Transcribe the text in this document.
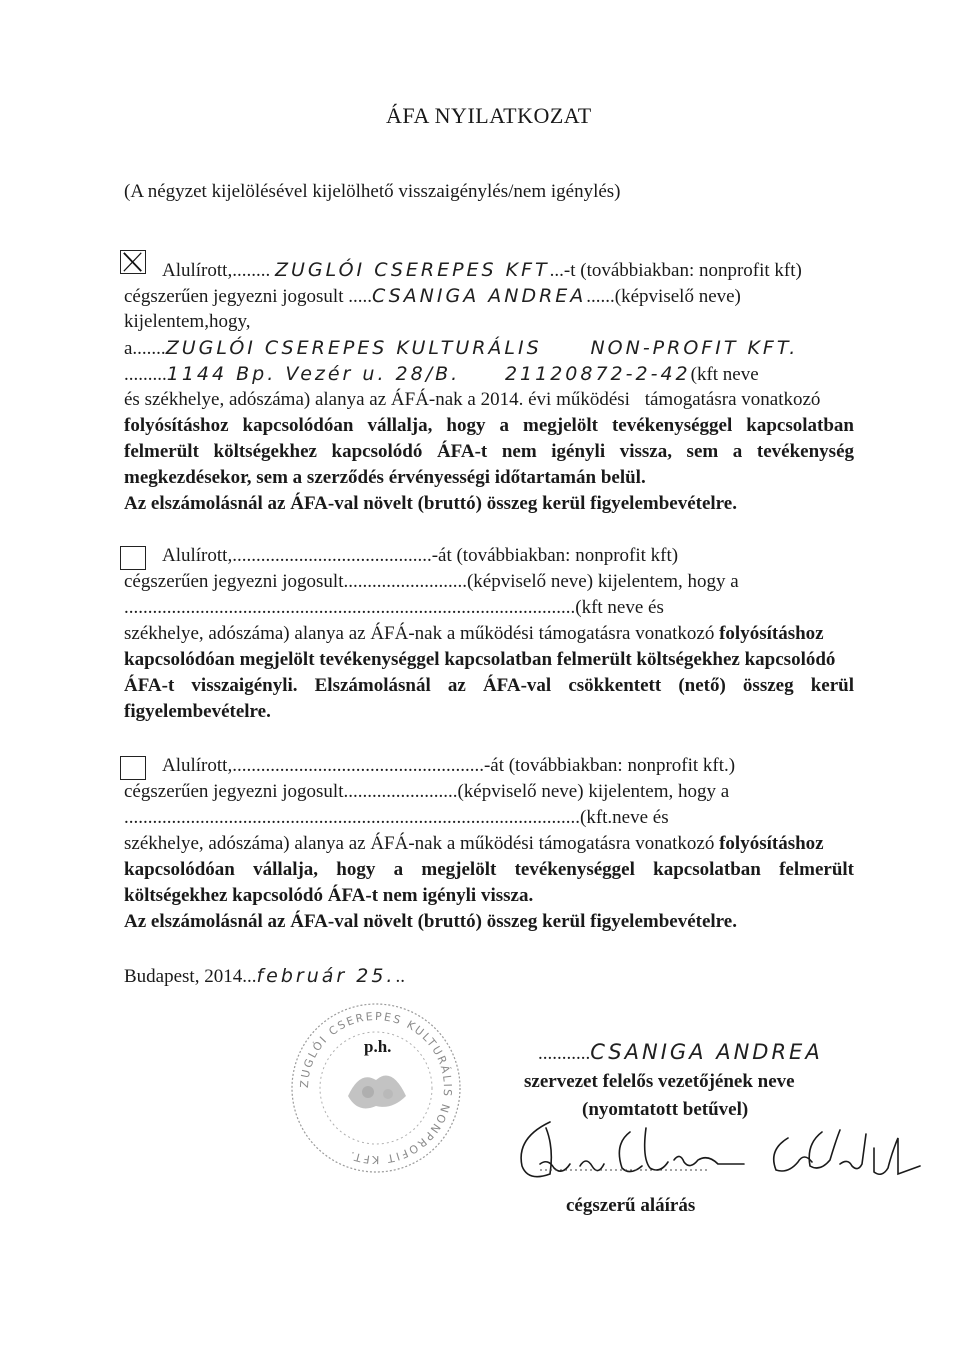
ÁFA NYILATKOZAT
(A négyzet kijelölésével kijelölhető visszaigénylés/nem igénylés)
Alulírott,........ ZUGLÓI CSEREPES KFT...-t (továbbiakban: nonprofit kft)
cégszerűen jegyezni jogosult .....CSANIGA ANDREA......(képviselő neve)
kijelentem,hogy,
a.......ZUGLÓI CSEREPES KULTURÁLIS	NON-PROFIT KFT.
.........1144 Bp. Vezér u. 28/B. 21120872-2-42(kft neve
és székhelye, adószáma) alanya az ÁFÁ-nak a 2014. évi működési támogatásra vonatkozó
folyósításhoz kapcsolódóan vállalja, hogy a megjelölt tevékenységgel kapcsolatban
felmerült költségekhez kapcsolódó ÁFA-t nem igényli vissza, sem a tevékenység
megkezdésekor, sem a szerződés érvényességi időtartamán belül.
Az elszámolásnál az ÁFA-val növelt (bruttó) összeg kerül figyelembevételre.
Alulírott,..........................................-át (továbbiakban: nonprofit kft)
cégszerűen jegyezni jogosult..........................(képviselő neve) kijelentem, hogy a
...............................................................................................(kft neve és
székhelye, adószáma) alanya az ÁFÁ-nak a működési támogatásra vonatkozó folyósításhoz
kapcsolódóan megjelölt tevékenységgel kapcsolatban felmerült költségekhez kapcsolódó
ÁFA-t visszaigényli. Elszámolásnál az ÁFA-val csökkentett (nető) összeg kerül
figyelembevételre.
Alulírott,.....................................................-át (továbbiakban: nonprofit kft.)
cégszerűen jegyezni jogosult........................(képviselő neve) kijelentem, hogy a
................................................................................................(kft.neve és
székhelye, adószáma) alanya az ÁFÁ-nak a működési támogatásra vonatkozó folyósításhoz
kapcsolódóan vállalja, hogy a megjelölt tevékenységgel kapcsolatban felmerült
költségekhez kapcsolódó ÁFA-t nem igényli vissza.
Az elszámolásnál az ÁFA-val növelt (bruttó) összeg kerül figyelembevételre.
Budapest, 2014...február 25...
ZUGLÓI CSEREPES KULTURÁLIS NONPROFIT KFT.
p.h.	...........CSANIGA ANDREA
szervezet felelős vezetőjének neve
(nyomtatott betűvel)
cégszerű aláírás
